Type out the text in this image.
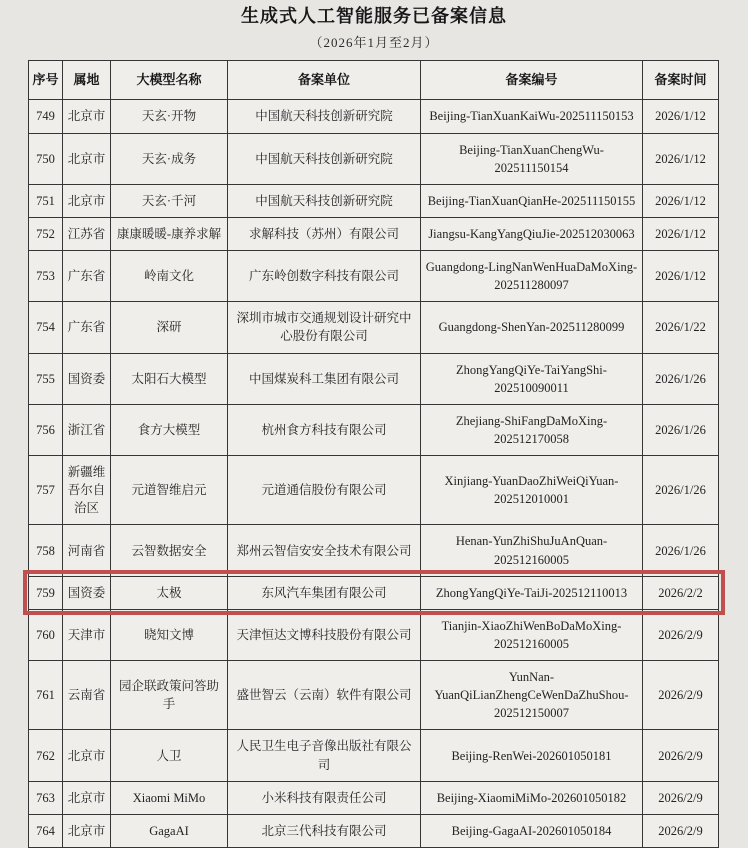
生成式人工智能服务已备案信息
（2026年1月至2月）
序号	属地	大模型名称	备案单位	备案编号	备案时间
749	北京市	天玄·开物	中国航天科技创新研究院	Beijing-TianXuanKaiWu-202511150153	2026/1/12
750	北京市	天玄·成务	中国航天科技创新研究院	Beijing-TianXuanChengWu-202511150154	2026/1/12
751	北京市	天玄·千河	中国航天科技创新研究院	Beijing-TianXuanQianHe-202511150155	2026/1/12
752	江苏省	康康暖暖-康养求解	求解科技（苏州）有限公司	Jiangsu-KangYangQiuJie-202512030063	2026/1/12
753	广东省	岭南文化	广东岭创数字科技有限公司	Guangdong-LingNanWenHuaDaMoXing-202511280097	2026/1/12
754	广东省	深研	深圳市城市交通规划设计研究中心股份有限公司	Guangdong-ShenYan-202511280099	2026/1/22
755	国资委	太阳石大模型	中国煤炭科工集团有限公司	ZhongYangQiYe-TaiYangShi-202510090011	2026/1/26
756	浙江省	食方大模型	杭州食方科技有限公司	Zhejiang-ShiFangDaMoXing-202512170058	2026/1/26
757	新疆维吾尔自治区	元道智维启元	元道通信股份有限公司	Xinjiang-YuanDaoZhiWeiQiYuan-202512010001	2026/1/26
758	河南省	云智数据安全	郑州云智信安安全技术有限公司	Henan-YunZhiShuJuAnQuan-202512160005	2026/1/26
759	国资委	太极	东风汽车集团有限公司	ZhongYangQiYe-TaiJi-202512110013	2026/2/2
760	天津市	晓知文博	天津恒达文博科技股份有限公司	Tianjin-XiaoZhiWenBoDaMoXing-202512160005	2026/2/9
761	云南省	园企联政策问答助手	盛世智云（云南）软件有限公司	YunNan-YuanQiLianZhengCeWenDaZhuShou-202512150007	2026/2/9
762	北京市	人卫	人民卫生电子音像出版社有限公司	Beijing-RenWei-202601050181	2026/2/9
763	北京市	Xiaomi MiMo	小米科技有限责任公司	Beijing-XiaomiMiMo-202601050182	2026/2/9
764	北京市	GagaAI	北京三代科技有限公司	Beijing-GagaAI-202601050184	2026/2/9
